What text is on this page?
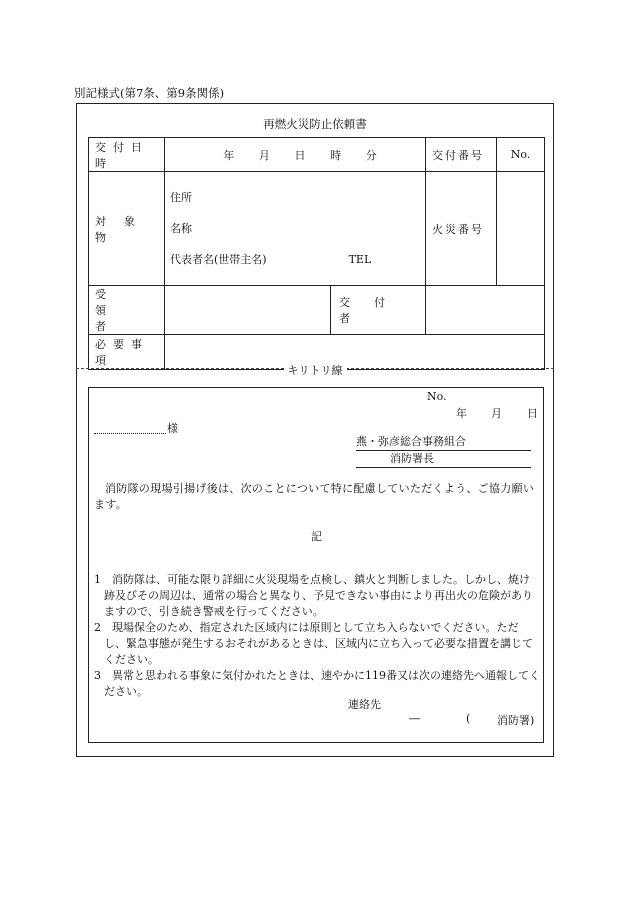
別記様式(第7条、第9条関係)
再燃火災防止依頼書
交付日時	年 月 日 時 分		交付番号	No.

対象物	住所
名称
代表者名(世帯主名) TEL		火災番号	
受領者		交付者		
必要事項				
キリトリ線
No.
年 月 日
様
燕・弥彦総合事務組合
消防署長
消防隊の現場引揚げ後は、次のことについて特に配慮していただくよう、ご協力願います。
記
1　消防隊は、可能な限り詳細に火災現場を点検し、鎮火と判断しました。しかし、焼け跡及びその周辺は、通常の場合と異なり、予見できない事由により再出火の危険がありますので、引き続き警戒を行ってください。
2　現場保全のため、指定された区域内には原則として立ち入らないでください。ただし、緊急事態が発生するおそれがあるときは、区域内に立ち入って必要な措置を講じてください。
3　異常と思われる事象に気付かれたときは、速やかに119番又は次の連絡先へ通報してください。
連絡先
―	( 消防署)
